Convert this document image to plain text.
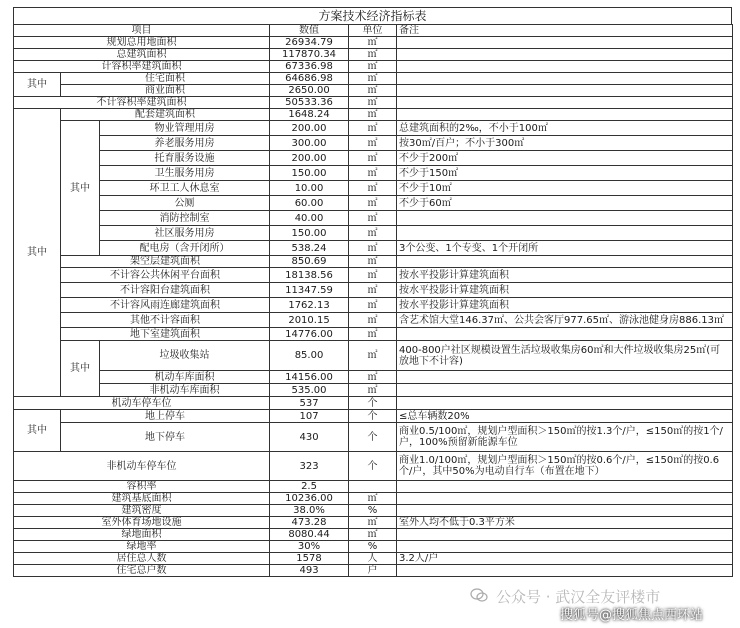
方案技术经济指标表
项目			数值	单位	备注
规划总用地面积			26934.79	㎡	
总建筑面积			117870.34	㎡	
计容积率建筑面积			67336.98	㎡	
其中	住宅面积		64686.98	㎡	
	商业面积		2650.00	㎡	
不计容积率建筑面积			50533.36	㎡	
其中	配套建筑面积		1648.24	㎡	
	其中	物业管理用房	200.00	㎡	总建筑面积的2‰，不小于100㎡
		养老服务用房	300.00	㎡	按30㎡/百户；不小于300㎡
		托育服务设施	200.00	㎡	不少于200㎡
		卫生服务用房	150.00	㎡	不少于150㎡
		环卫工人休息室	10.00	㎡	不少于10㎡
		公厕	60.00	㎡	不少于60㎡
		消防控制室	40.00	㎡	
		社区服务用房	150.00	㎡	
		配电房（含开闭所）	538.24	㎡	3个公变、1个专变、1个开闭所
	架空层建筑面积		850.69	㎡	
	不计容公共休闲平台面积		18138.56	㎡	按水平投影计算建筑面积
	不计容阳台建筑面积		11347.59	㎡	按水平投影计算建筑面积
	不计容风雨连廊建筑面积		1762.13	㎡	按水平投影计算建筑面积
	其他不计容面积		2010.15	㎡	含艺术馆大堂146.37㎡、公共会客厅977.65㎡、游泳池健身房886.13㎡
	地下室建筑面积		14776.00	㎡	
	其中	垃圾收集站	85.00	㎡	400-800户社区规模设置生活垃圾收集房60㎡和大件垃圾收集房25㎡(可放地下不计容)
		机动车库面积	14156.00	㎡	
		非机动车库面积	535.00	㎡	
机动车停车位			537	个	
其中	地上停车		107	个	≤总车辆数20%
	地下停车		430	个	商业0.5/100㎡，规划户型面积＞150㎡的按1.3个/户，≤150㎡的按1个/户，100%预留新能源车位
非机动车停车位			323	个	商业1.0/100㎡，规划户型面积＞150㎡的按0.6个/户，≤150㎡的按0.6个/户，其中50%为电动自行车（布置在地下）
容积率			2.5		
建筑基底面积			10236.00	㎡	
建筑密度			38.0%	%	
室外体育场地设施			473.28	㎡	室外人均不低于0.3平方米
绿地面积			8080.44	㎡	
绿地率			30%	%	
居住总人数			1578	人	3.2人/户
住宅总户数			493	户	
公众号 · 武汉全友评楼市
搜狐号@搜狐焦点西环站
